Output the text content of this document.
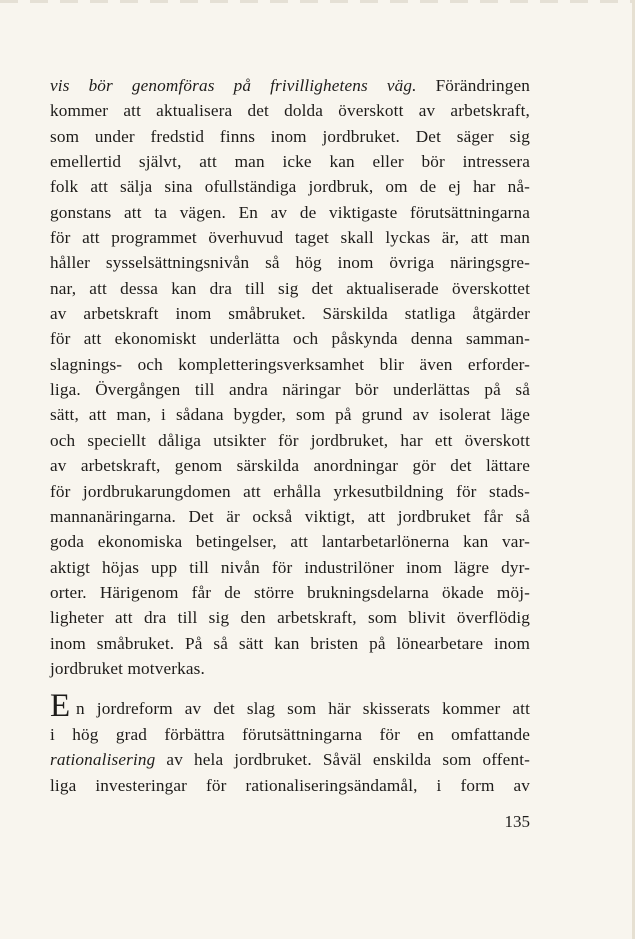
vis bör genomföras på frivillighetens väg. Förändringen
kommer att aktualisera det dolda överskott av arbetskraft,
som under fredstid finns inom jordbruket. Det säger sig
emellertid självt, att man icke kan eller bör intressera
folk att sälja sina ofullständiga jordbruk, om de ej har nå-
gonstans att ta vägen. En av de viktigaste förutsättningarna
för att programmet överhuvud taget skall lyckas är, att man
håller sysselsättningsnivån så hög inom övriga näringsgre-
nar, att dessa kan dra till sig det aktualiserade överskottet
av arbetskraft inom småbruket. Särskilda statliga åtgärder
för att ekonomiskt underlätta och påskynda denna samman-
slagnings- och kompletteringsverksamhet blir även erforder-
liga. Övergången till andra näringar bör underlättas på så
sätt, att man, i sådana bygder, som på grund av isolerat läge
och speciellt dåliga utsikter för jordbruket, har ett överskott
av arbetskraft, genom särskilda anordningar gör det lättare
för jordbrukarungdomen att erhålla yrkesutbildning för stads-
mannanäringarna. Det är också viktigt, att jordbruket får så
goda ekonomiska betingelser, att lantarbetarlönerna kan var-
aktigt höjas upp till nivån för industrilöner inom lägre dyr-
orter. Härigenom får de större brukningsdelarna ökade möj-
ligheter att dra till sig den arbetskraft, som blivit överflödig
inom småbruket. På så sätt kan bristen på lönearbetare inom
jordbruket motverkas.
E n jordreform av det slag som här skisserats kommer att
i hög grad förbättra förutsättningarna för en omfattande
rationalisering av hela jordbruket. Såväl enskilda som offent-
liga investeringar för rationaliseringsändamål, i form av
135
